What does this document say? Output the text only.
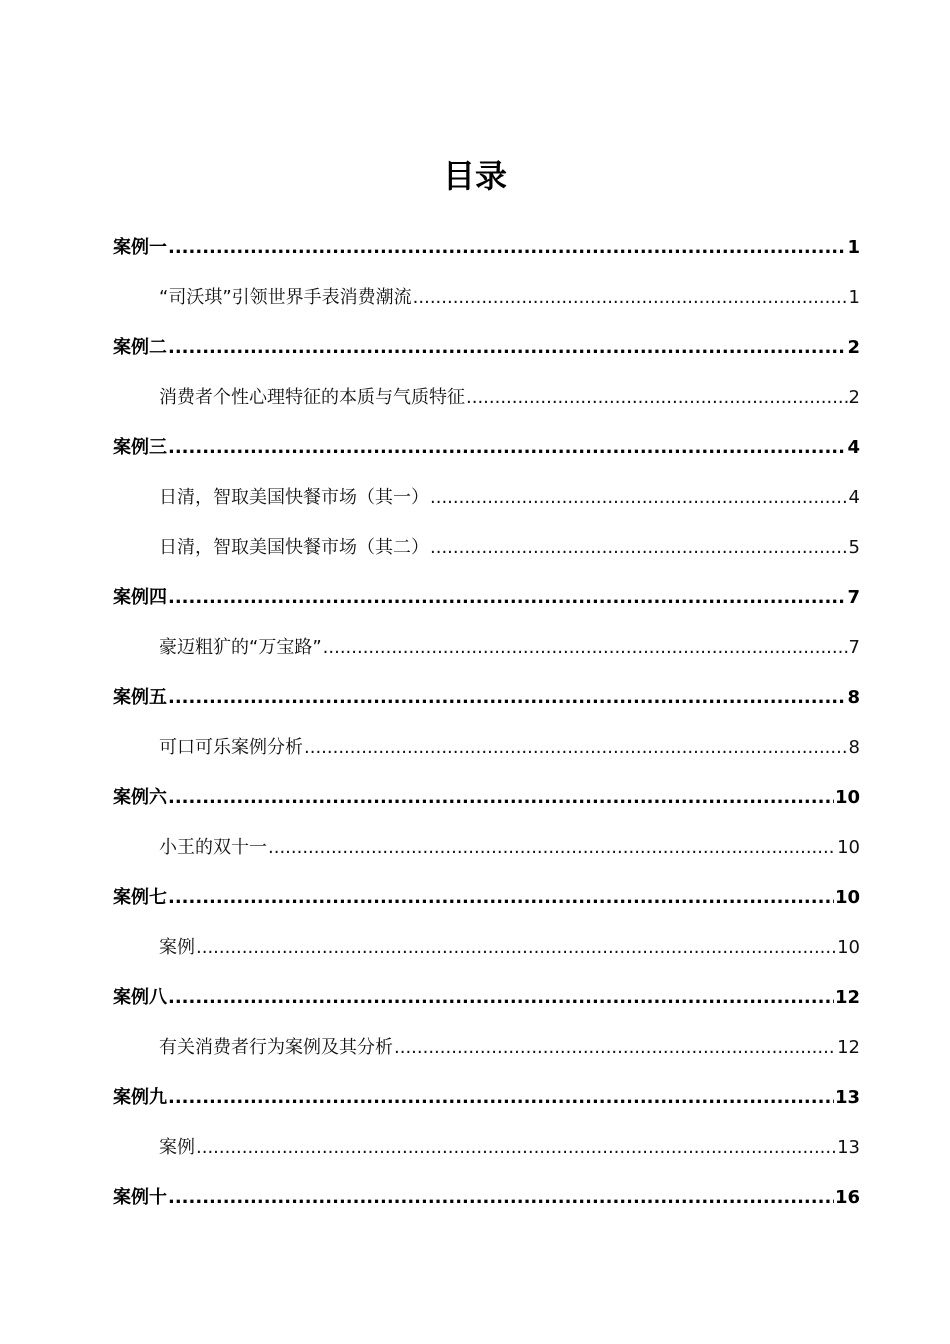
目录
案例一 .....	1
“司沃琪”引领世界手表消费潮流 .....	1
案例二 .....	2
消费者个性心理特征的本质与气质特征 .....	2
案例三 .....	4
日清，智取美国快餐市场（其一） .....	4
日清，智取美国快餐市场（其二） .....	5
案例四 .....	7
豪迈粗犷的“万宝路” .....	7
案例五 .....	8
可口可乐案例分析 .....	8
案例六 .....	10
小王的双十一 .....	10
案例七 .....	10
案例 .....	10
案例八 .....	12
有关消费者行为案例及其分析 .....	12
案例九 .....	13
案例 .....	13
案例十 .....	16
